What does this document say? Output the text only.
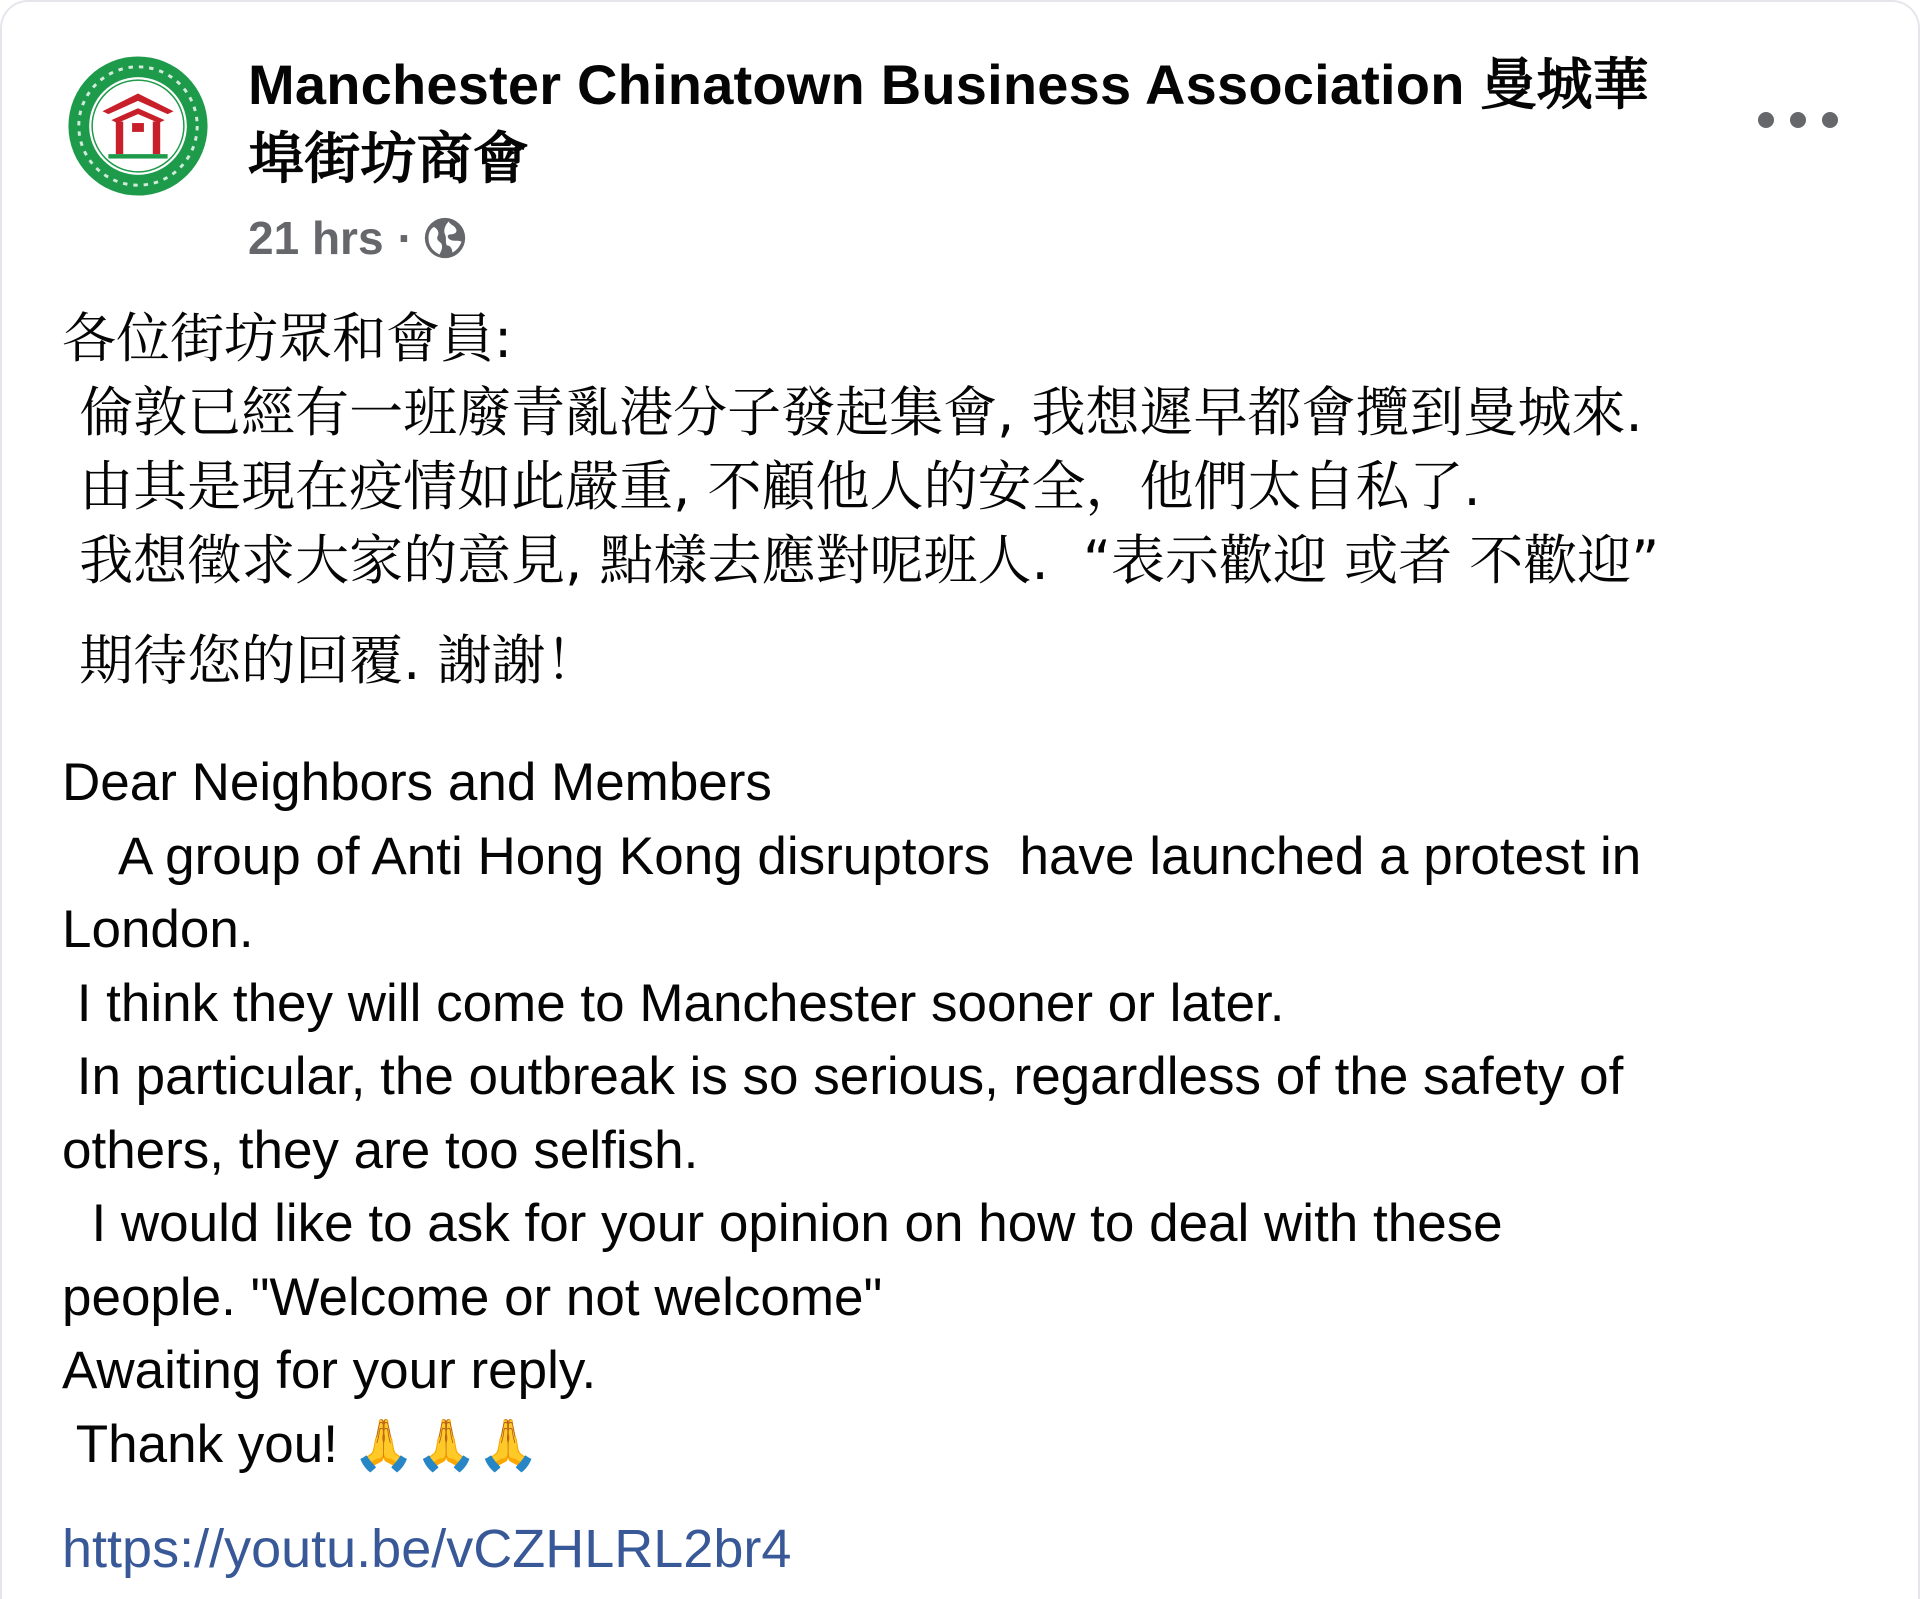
Manchester Chinatown Business Association 曼城華
埠街坊商會
21 hrs ·

各位街坊眾和會員:

倫敦已經有一班廢青亂港分子發起集會, 我想遲早都會攬到曼城來.

由其是現在疫情如此嚴重, 不顧他人的安全，他們太自私了.

我想徵求大家的意見, 點樣去應對呢班人.  “表示歡迎 或者 不歡迎”

期待您的回覆. 謝謝！

Dear Neighbors and Members

A group of Anti Hong Kong disruptors  have launched a protest in

London.

I think they will come to Manchester sooner or later.

In particular, the outbreak is so serious, regardless of the safety of

others, they are too selfish.

I would like to ask for your opinion on how to deal with these

people. "Welcome or not welcome"

Awaiting for your reply.

Thank you! 🙏🙏🙏

https://youtu.be/vCZHLRL2br4
